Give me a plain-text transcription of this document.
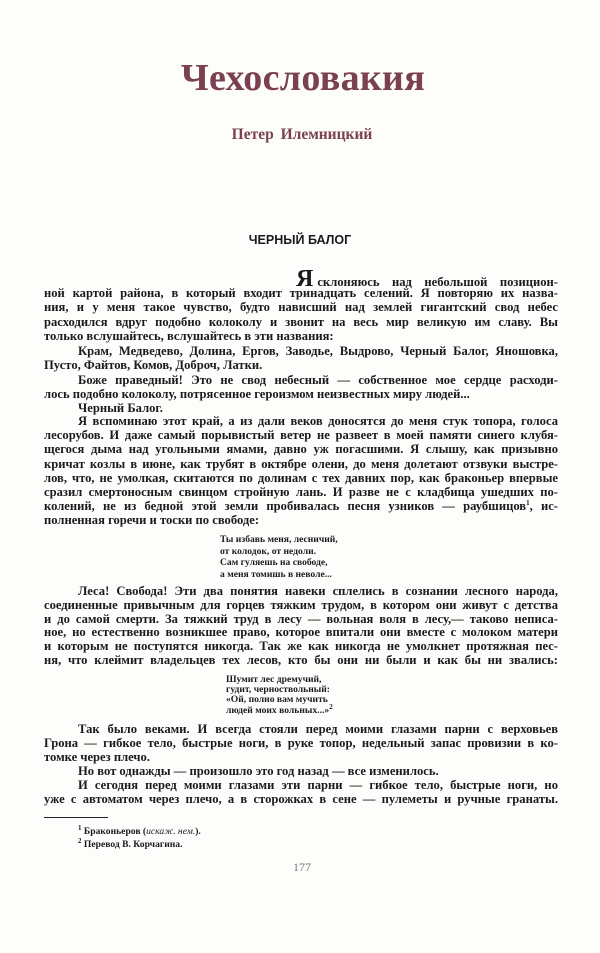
Чехословакия
Петер Илемницкий
ЧЕРНЫЙ БАЛОГ
Ясклоняюсь над небольшой позицион-
ной картой района, в который входит тринадцать селений. Я повторяю их назва-
ния, и у меня такое чувство, будто нависший над землей гигантский свод небес
расходился вдруг подобно колоколу и звонит на весь мир великую им славу. Вы
только вслушайтесь, вслушайтесь в эти названия:
Крам, Медведево, Долина, Ергов, Заводье, Выдрово, Черный Балог, Яношовка,
Пусто, Файтов, Комов, Доброч, Латки.
Боже праведный! Это не свод небесный — собственное мое сердце расходи-
лось подобно колоколу, потрясенное героизмом неизвестных миру людей...
Черный Балог.
Я вспоминаю этот край, а из дали веков доносятся до меня стук топора, голоса
лесорубов. И даже самый порывистый ветер не развеет в моей памяти синего клубя-
щегося дыма над угольными ямами, давно уж погасшими. Я слышу, как призывно
кричат козлы в июне, как трубят в октябре олени, до меня долетают отзвуки выстре-
лов, что, не умолкая, скитаются по долинам с тех давних пор, как браконьер впервые
сразил смертоносным свинцом стройную лань. И разве не с кладбища ушедших по-
колений, не из бедной этой земли пробивалась песня узников — раубшицов$^1$, ис-
полненная горечи и тоски по свободе:
Ты избавь меня, лесничий,
от колодок, от недоли.
Сам гуляешь на свободе,
а меня томишь в неволе...
Леса! Свобода! Эти два понятия навеки сплелись в сознании лесного народа,
соединенные привычным для горцев тяжким трудом, в котором они живут с детства
и до самой смерти. За тяжкий труд в лесу — вольная воля в лесу,— таково неписа-
ное, но естественно возникшее право, которое впитали они вместе с молоком матери
и которым не поступятся никогда. Так же как никогда не умолкнет протяжная пес-
ня, что клеймит владельцев тех лесов, кто бы они ни были и как бы ни звались:
Шумит лес дремучий,
гудит, черноствольный:
«Ой, полно вам мучить
людей моих вольных...»$^2$
Так было веками. И всегда стояли перед моими глазами парни с верховьев
Грона — гибкое тело, быстрые ноги, в руке топор, недельный запас провизии в ко-
томке через плечо.
Но вот однажды — произошло это год назад — все изменилось.
И сегодня перед моими глазами эти парни — гибкое тело, быстрые ноги, но
уже с автоматом через плечо, а в сторожках в сене — пулеметы и ручные гранаты.
$^1$ Браконьеров (искаж. нем.).
$^2$ Перевод В. Корчагина.
177
